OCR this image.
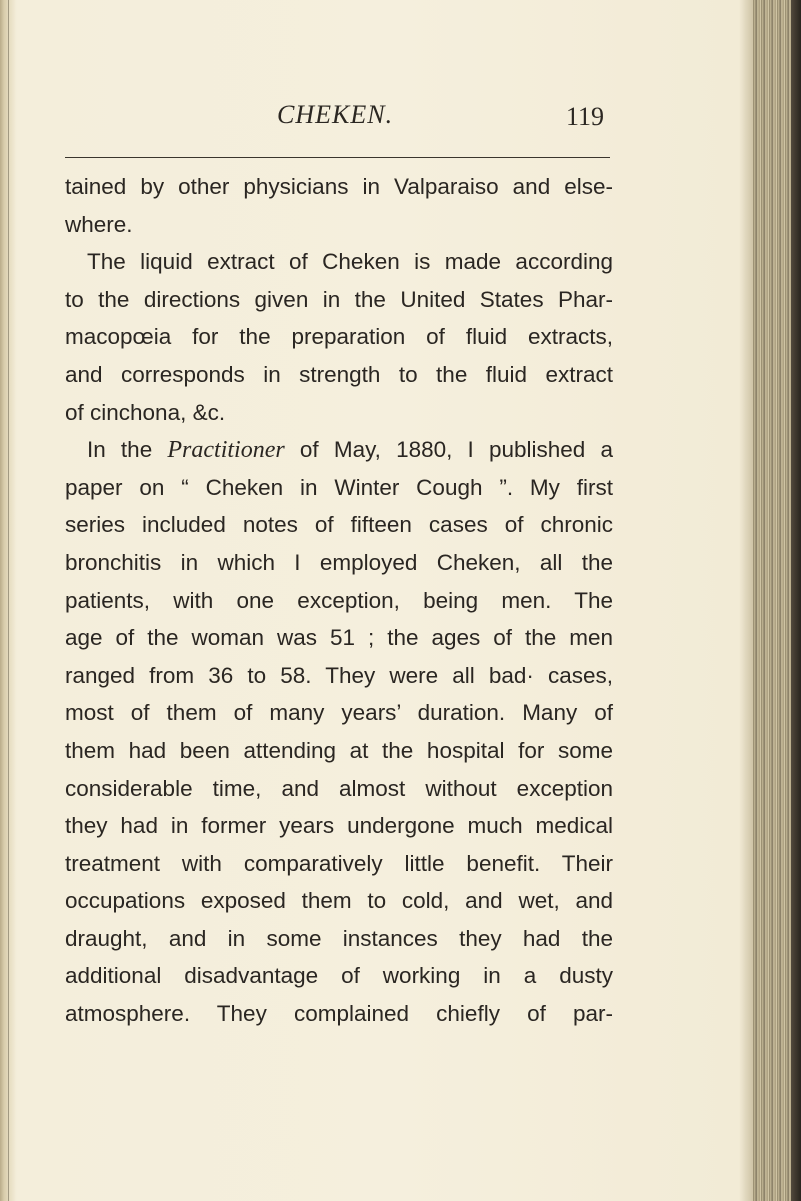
CHEKEN.	119
tained by other physicians in Valparaiso and else-
where.
The liquid extract of Cheken is made according
to the directions given in the United States Phar-
macopœia for the preparation of fluid extracts,
and corresponds in strength to the fluid extract
of cinchona, &c.
In the Practitioner of May, 1880, I published a
paper on “ Cheken in Winter Cough ”. My first
series included notes of fifteen cases of chronic
bronchitis in which I employed Cheken, all the
patients, with one exception, being men. The
age of the woman was 51 ; the ages of the men
ranged from 36 to 58. They were all bad· cases,
most of them of many years’ duration. Many of
them had been attending at the hospital for some
considerable time, and almost without exception
they had in former years undergone much medical
treatment with comparatively little benefit. Their
occupations exposed them to cold, and wet, and
draught, and in some instances they had the
additional disadvantage of working in a dusty
atmosphere. They complained chiefly of par-
